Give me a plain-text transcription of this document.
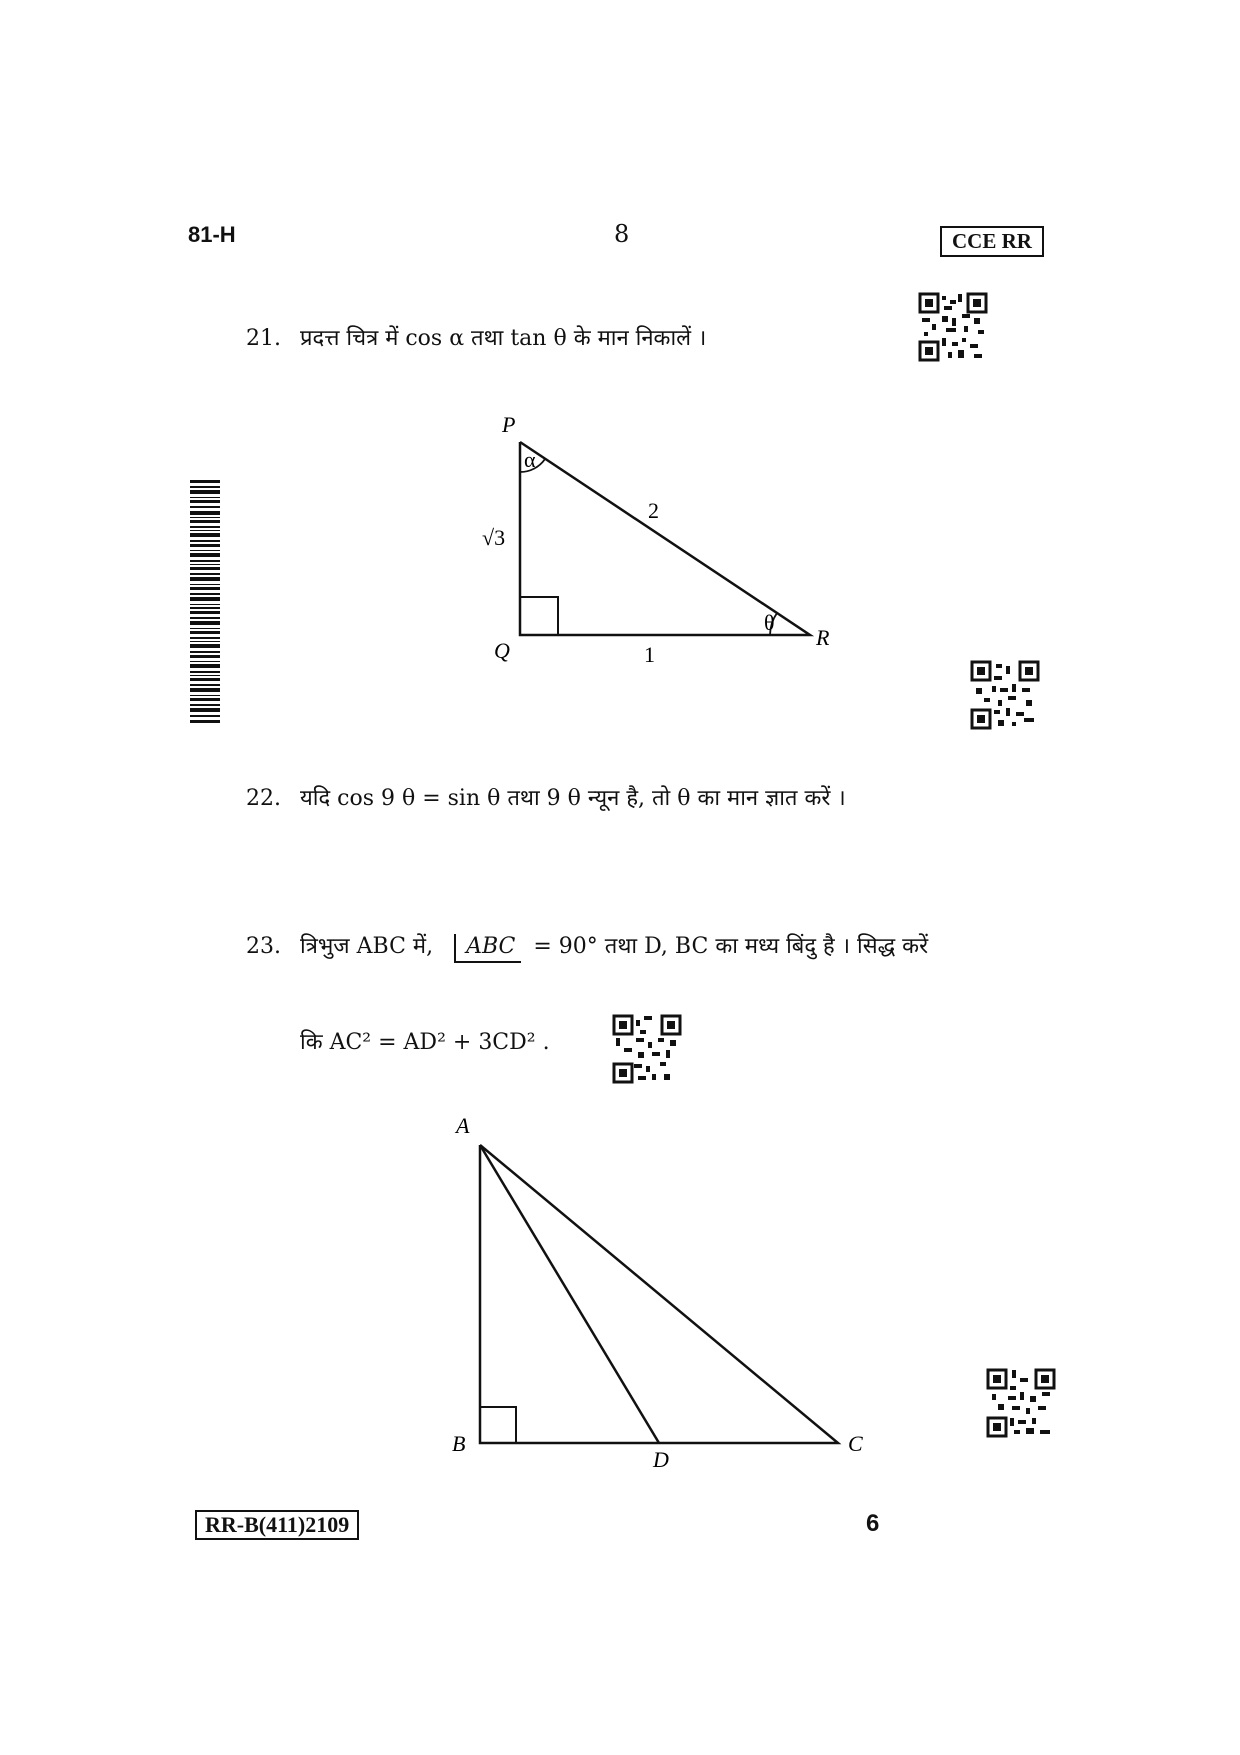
81-H	8	CCE RR
21. प्रदत्त चित्र में cos α तथा tan θ के मान निकालें ।
P
Q
R
α
θ
√3
2
1
22. यदि cos 9 θ = sin θ तथा 9 θ न्यून है, तो θ का मान ज्ञात करें ।
23. त्रिभुज ABC में, ABC = 90° तथा D, BC का मध्य बिंदु है । सिद्ध करें
कि AC² = AD² + 3CD² .
A
B	C
D
RR-B(411)2109	6
